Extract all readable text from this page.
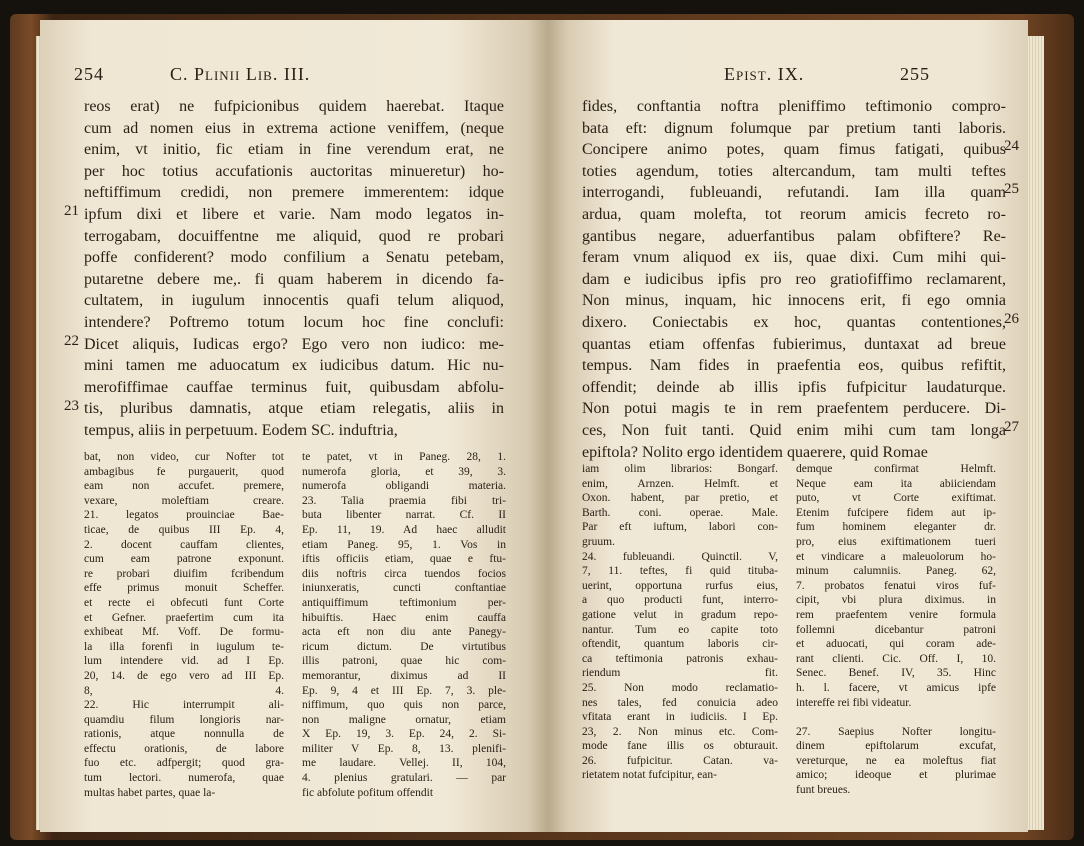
254	C. Plinii Lib. III.
reos erat) ne fufpicionibus quidem haerebat. Itaque
cum ad nomen eius in extrema actione veniffem, (neque
enim, vt initio, fic etiam in fine verendum erat, ne
per hoc totius accufationis auctoritas minueretur) ho-
neftiffimum credidi, non premere immerentem: idque
ipfum dixi et libere et varie. Nam modo legatos in-
terrogabam, docuiffentne me aliquid, quod re probari
poffe confiderent? modo confilium a Senatu petebam,
putaretne debere me,. fi quam haberem in dicendo fa-
cultatem, in iugulum innocentis quafi telum aliquod,
intendere? Poftremo totum locum hoc fine conclufi:
Dicet aliquis, Iudicas ergo? Ego vero non iudico: me-
mini tamen me aduocatum ex iudicibus datum. Hic nu-
merofiffimae cauffae terminus fuit, quibusdam abfolu-
tis, pluribus damnatis, atque etiam relegatis, aliis in
tempus, aliis in perpetuum. Eodem SC. induftria,
21
22
23
bat, non video, cur Nofter tot
ambagibus fe purgauerit, quod
eam non accufet. premere,
vexare, moleftiam creare.
21. legatos prouinciae Bae-
ticae, de quibus III Ep. 4,
2. docent cauffam clientes,
cum eam patrone exponunt.
re probari diuifim fcribendum
effe primus monuit Scheffer.
et recte ei obfecuti funt Corte
et Gefner. praefertim cum ita
exhibeat Mf. Voff. De formu-
la illa forenfi in iugulum te-
lum intendere vid. ad I Ep.
20, 14. de ego vero ad III Ep.
8, 4.
22. Hic interrumpit ali-
quamdiu filum longioris nar-
rationis, atque nonnulla de
effectu orationis, de labore
fuo etc. adfpergit; quod gra-
tum lectori. numerofa, quae
multas habet partes, quae la-
te patet, vt in Paneg. 28, 1.
numerofa gloria, et 39, 3.
numerofa obligandi materia.
23. Talia praemia fibi tri-
buta libenter narrat. Cf. II
Ep. 11, 19. Ad haec alludit
etiam Paneg. 95, 1. Vos in
iftis officiis etiam, quae e ftu-
diis noftris circa tuendos focios
iniunxeratis, cuncti conftantiae
antiquiffimum teftimonium per-
hibuiftis. Haec enim cauffa
acta eft non diu ante Panegy-
ricum dictum. De virtutibus
illis patroni, quae hic com-
memorantur, diximus ad II
Ep. 9, 4 et III Ep. 7, 3. ple-
niffimum, quo quis non parce,
non maligne ornatur, etiam
X Ep. 19, 3. Ep. 24, 2. Si-
militer V Ep. 8, 13. plenifi-
me laudare. Vellej. II, 104,
4. plenius gratulari. — par
fic abfolute pofitum offendit
Epist. IX.	255
fides, conftantia noftra pleniffimo teftimonio compro-
bata eft: dignum folumque par pretium tanti laboris.
Concipere animo potes, quam fimus fatigati, quibus
toties agendum, toties altercandum, tam multi teftes
interrogandi, fubleuandi, refutandi. Iam illa quam
ardua, quam molefta, tot reorum amicis fecreto ro-
gantibus negare, aduerfantibus palam obfiftere? Re-
feram vnum aliquod ex iis, quae dixi. Cum mihi qui-
dam e iudicibus ipfis pro reo gratiofiffimo reclamarent,
Non minus, inquam, hic innocens erit, fi ego omnia
dixero. Coniectabis ex hoc, quantas contentiones,
quantas etiam offenfas fubierimus, duntaxat ad breue
tempus. Nam fides in praefentia eos, quibus refiftit,
offendit; deinde ab illis ipfis fufpicitur laudaturque.
Non potui magis te in rem praefentem perducere. Di-
ces, Non fuit tanti. Quid enim mihi cum tam longa
epiftola? Nolito ergo identidem quaerere, quid Romae
24
25
26
27
iam olim librarios: Bongarf.
enim, Arnzen. Helmft. et
Oxon. habent, par pretio, et
Barth. coni. operae. Male.
Par eft iuftum, labori con-
gruum.
24. fubleuandi. Quinctil. V,
7, 11. teftes, fi quid tituba-
uerint, opportuna rurfus eius,
a quo producti funt, interro-
gatione velut in gradum repo-
nantur. Tum eo capite toto
oftendit, quantum laboris cir-
ca teftimonia patronis exhau-
riendum fit.
25. Non modo reclamatio-
nes tales, fed conuicia adeo
vfitata erant in iudiciis. I Ep.
23, 2. Non minus etc. Com-
mode fane illis os obturauit.
26. fufpicitur. Catan. va-
rietatem notat fufcipitur, ean-
demque confirmat Helmft.
Neque eam ita abiiciendam
puto, vt Corte exiftimat.
Etenim fufcipere fidem aut ip-
fum hominem eleganter dr.
pro, eius exiftimationem tueri
et vindicare a maleuolorum ho-
minum calumniis. Paneg. 62,
7. probatos fenatui viros fuf-
cipit, vbi plura diximus. in
rem praefentem venire formula
follemni dicebantur patroni
et aduocati, qui coram ade-
rant clienti. Cic. Off. I, 10.
Senec. Benef. IV, 35. Hinc
h. l. facere, vt amicus ipfe
intereffe rei fibi videatur.

27. Saepius Nofter longitu-
dinem epiftolarum excufat,
vereturque, ne ea moleftus fiat
amico; ideoque et plurimae
funt breues.
